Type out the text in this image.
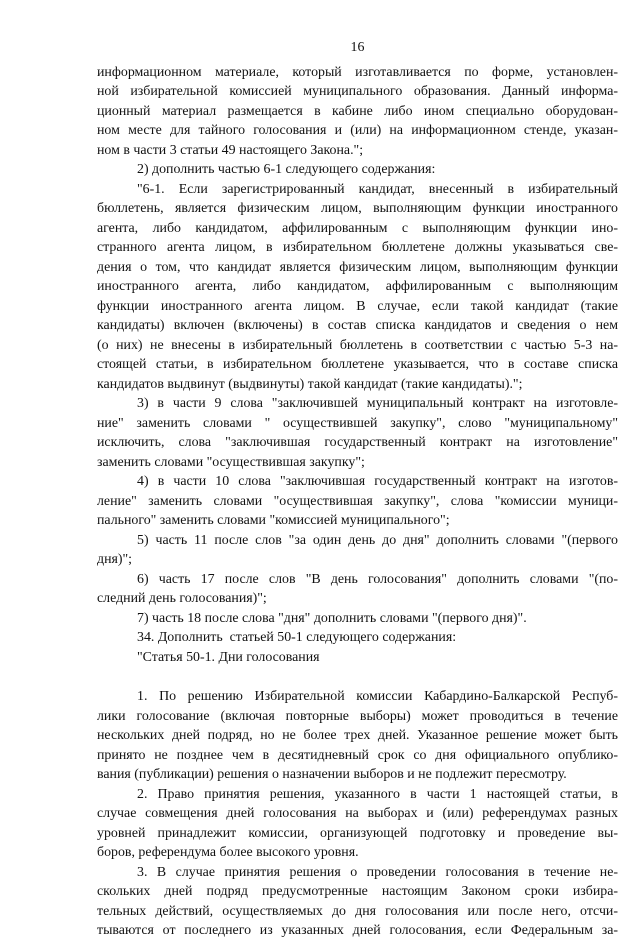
16
информационном материале, который изготавливается по форме, установлен-
ной избирательной комиссией муниципального образования. Данный информа-
ционный материал размещается в кабине либо ином специально оборудован-
ном месте для тайного голосования и (или) на информационном стенде, указан-
ном в части 3 статьи 49 настоящего Закона.";
2) дополнить частью 6-1 следующего содержания:
"6-1. Если зарегистрированный кандидат, внесенный в избирательный
бюллетень, является физическим лицом, выполняющим функции иностранного
агента, либо кандидатом, аффилированным с выполняющим функции ино-
странного агента лицом, в избирательном бюллетене должны указываться све-
дения о том, что кандидат является физическим лицом, выполняющим функции
иностранного агента, либо кандидатом, аффилированным с выполняющим
функции иностранного агента лицом. В случае, если такой кандидат (такие
кандидаты) включен (включены) в состав списка кандидатов и сведения о нем
(о них) не внесены в избирательный бюллетень в соответствии с частью 5-3 на-
стоящей статьи, в избирательном бюллетене указывается, что в составе списка
кандидатов выдвинут (выдвинуты) такой кандидат (такие кандидаты).";
3) в части 9 слова "заключившей муниципальный контракт на изготовле-
ние" заменить словами " осуществившей закупку", слово "муниципальному"
исключить, слова "заключившая государственный контракт на изготовление"
заменить словами "осуществившая закупку";
4) в части 10 слова "заключившая государственный контракт на изготов-
ление" заменить словами "осуществившая закупку", слова "комиссии муници-
пального" заменить словами "комиссией муниципального";
5) часть 11 после слов "за один день до дня" дополнить словами "(первого
дня)";
6) часть 17 после слов "В день голосования" дополнить словами "(по-
следний день голосования)";
7) часть 18 после слова "дня" дополнить словами "(первого дня)".
34. Дополнить  статьей 50-1 следующего содержания:
"Статья 50-1. Дни голосования
1. По решению Избирательной комиссии Кабардино-Балкарской Респуб-
лики голосование (включая повторные выборы) может проводиться в течение
нескольких дней подряд, но не более трех дней. Указанное решение может быть
принято не позднее чем в десятидневный срок со дня официального опублико-
вания (публикации) решения о назначении выборов и не подлежит пересмотру.
2. Право принятия решения, указанного в части 1 настоящей статьи, в
случае совмещения дней голосования на выборах и (или) референдумах разных
уровней принадлежит комиссии, организующей подготовку и проведение вы-
боров, референдума более высокого уровня.
3. В случае принятия решения о проведении голосования в течение не-
скольких дней подряд предусмотренные настоящим Законом сроки избира-
тельных действий, осуществляемых до дня голосования или после него, отсчи-
тываются от последнего из указанных дней голосования, если Федеральным за-
